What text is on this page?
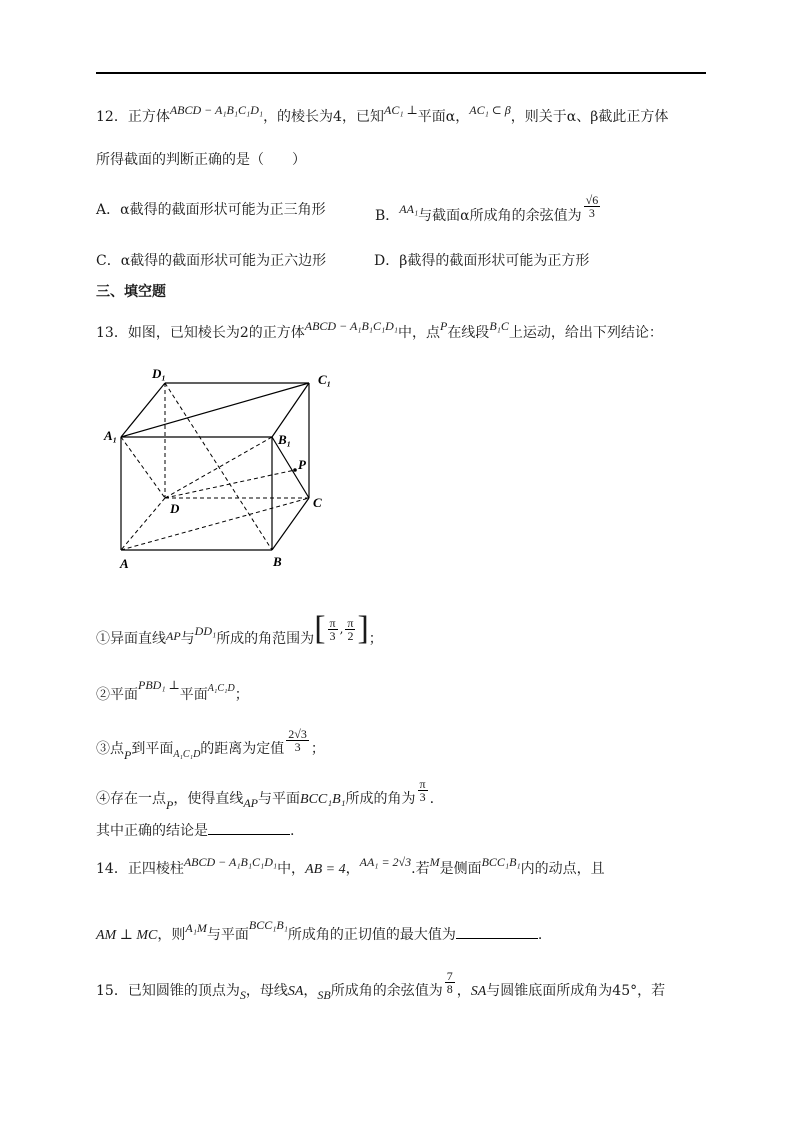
12．正方体ABCD − A₁B₁C₁D₁，的棱长为4，已知AC₁ ⊥平面α，AC₁ ⊂ β，则关于α、β截此正方体
所得截面的判断正确的是（　　）
A．α截得的截面形状可能为正三角形	B．AA₁与截面α所成角的余弦值为 $\frac{√6}{3}$
C．α截得的截面形状可能为正六边形	D．β截得的截面形状可能为正方形
三、填空题
13．如图，已知棱长为2的正方体ABCD − A₁B₁C₁D₁中，点P在线段B₁C上运动，给出下列结论：
D₁	C₁
A₁	B₁
P
D	C
A	B
①异面直线AP与DD₁所成的角范围为[ $\frac{\pi}{3}$ , $\frac{\pi}{2}$ ]；
②平面PBD₁ ⊥平面A₁C₁D；
③点P到平面$_{A_1C_1D}$的距离为定值 $\frac{2√3}{3}$ ；
④存在一点P，使得直线AP与平面BCC₁B₁所成的角为 $\frac{\pi}{3}$ .
其中正确的结论是	.
14．正四棱柱ABCD − A₁B₁C₁D₁中，AB = 4，AA₁ = 2√3.若M是侧面BCC₁B₁内的动点，且
AM ⊥ MC，则A₁M与平面BCC₁B₁所成角的正切值的最大值为	.
15．已知圆锥的顶点为S，母线SA，SB所成角的余弦值为 $\frac{7}{8}$ ，SA与圆锥底面所成角为45°，若
